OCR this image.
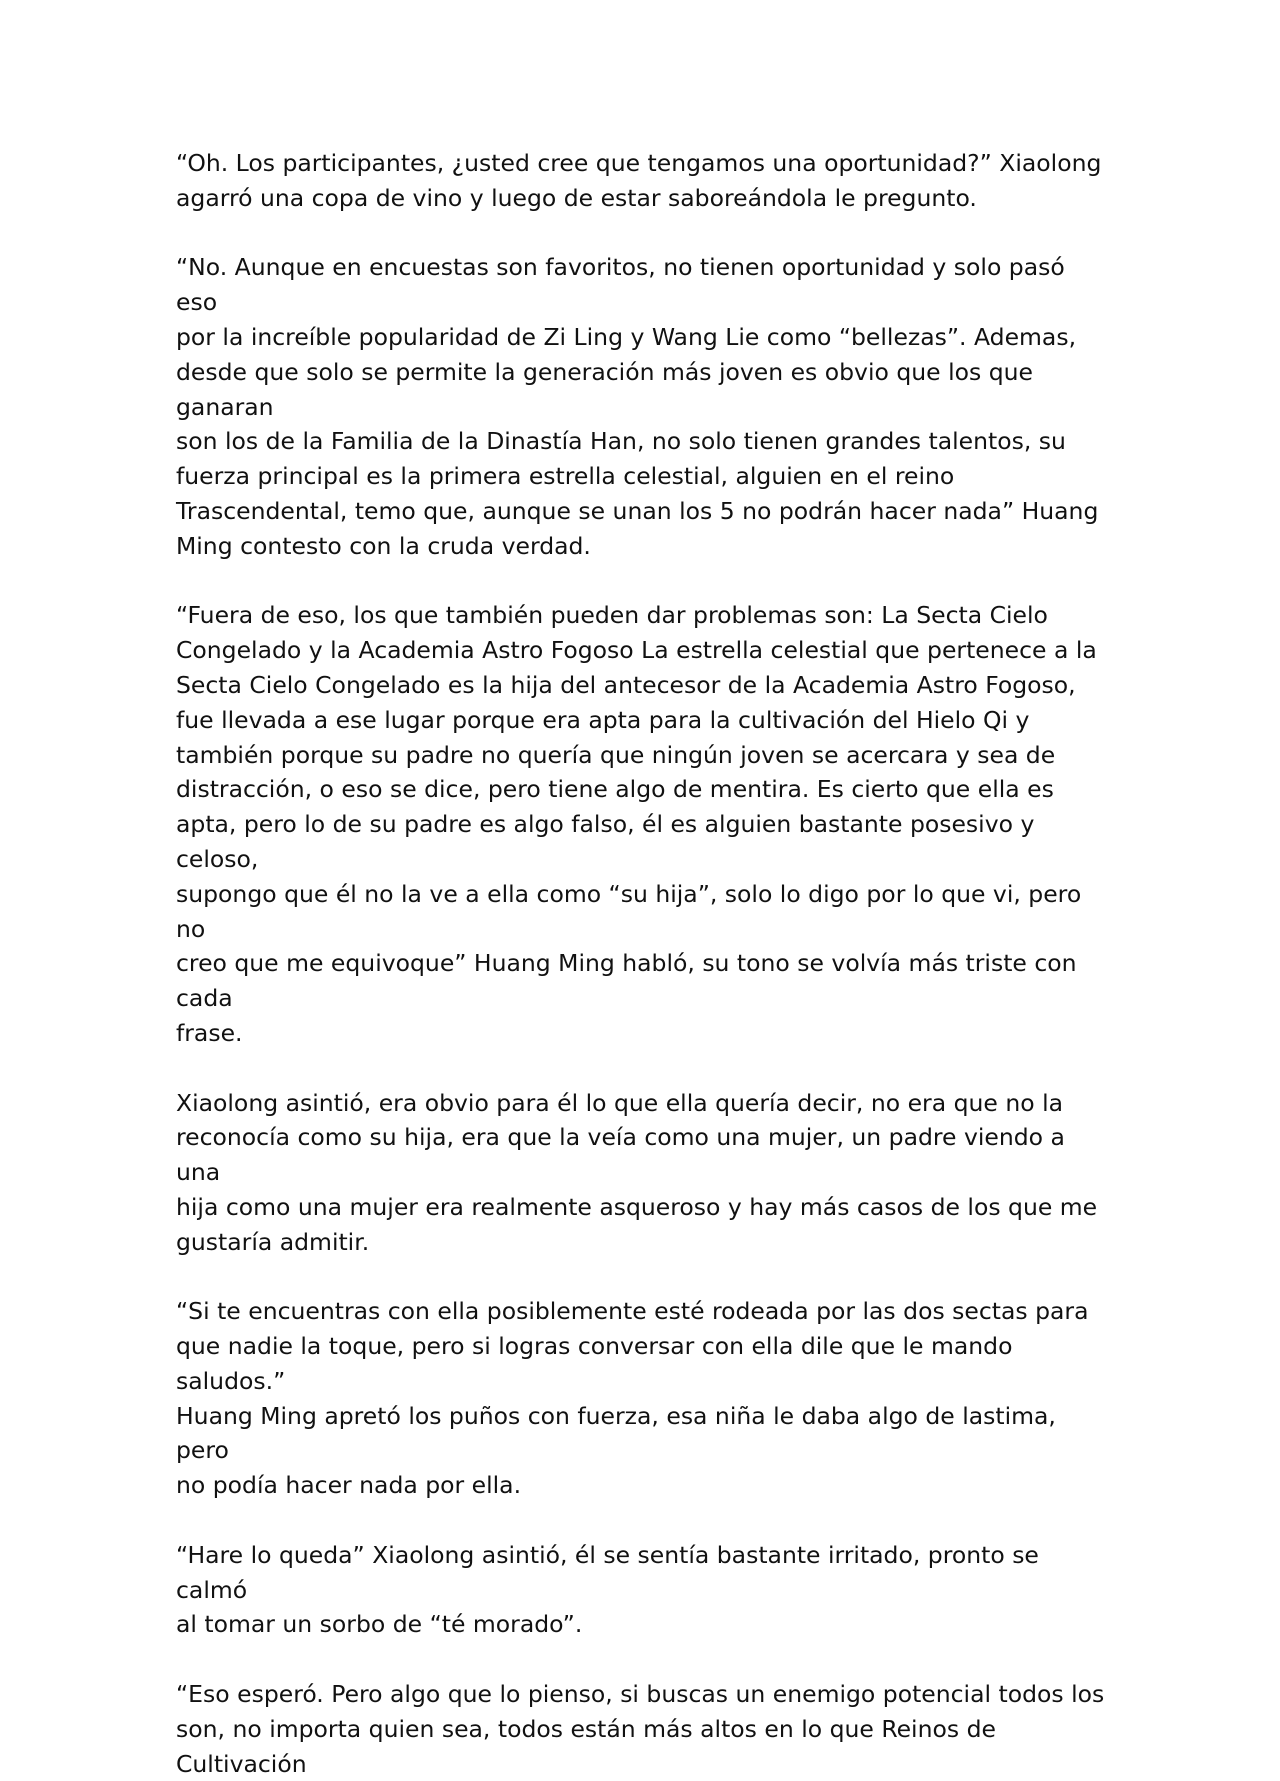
“Oh. Los participantes, ¿usted cree que tengamos una oportunidad?” Xiaolong
agarró una copa de vino y luego de estar saboreándola le pregunto.

“No. Aunque en encuestas son favoritos, no tienen oportunidad y solo pasó eso
por la increíble popularidad de Zi Ling y Wang Lie como “bellezas”. Ademas,
desde que solo se permite la generación más joven es obvio que los que ganaran
son los de la Familia de la Dinastía Han, no solo tienen grandes talentos, su
fuerza principal es la primera estrella celestial, alguien en el reino
Trascendental, temo que, aunque se unan los 5 no podrán hacer nada” Huang
Ming contesto con la cruda verdad.

“Fuera de eso, los que también pueden dar problemas son: La Secta Cielo
Congelado y la Academia Astro Fogoso La estrella celestial que pertenece a la
Secta Cielo Congelado es la hija del antecesor de la Academia Astro Fogoso,
fue llevada a ese lugar porque era apta para la cultivación del Hielo Qi y
también porque su padre no quería que ningún joven se acercara y sea de
distracción, o eso se dice, pero tiene algo de mentira. Es cierto que ella es
apta, pero lo de su padre es algo falso, él es alguien bastante posesivo y celoso,
supongo que él no la ve a ella como “su hija”, solo lo digo por lo que vi, pero no
creo que me equivoque” Huang Ming habló, su tono se volvía más triste con cada
frase.

Xiaolong asintió, era obvio para él lo que ella quería decir, no era que no la
reconocía como su hija, era que la veía como una mujer, un padre viendo a una
hija como una mujer era realmente asqueroso y hay más casos de los que me
gustaría admitir.

“Si te encuentras con ella posiblemente esté rodeada por las dos sectas para
que nadie la toque, pero si logras conversar con ella dile que le mando saludos.”
Huang Ming apretó los puños con fuerza, esa niña le daba algo de lastima, pero
no podía hacer nada por ella.

“Hare lo queda” Xiaolong asintió, él se sentía bastante irritado, pronto se calmó
al tomar un sorbo de “té morado”.

“Eso esperó. Pero algo que lo pienso, si buscas un enemigo potencial todos los
son, no importa quien sea, todos están más altos en lo que Reinos de Cultivación
